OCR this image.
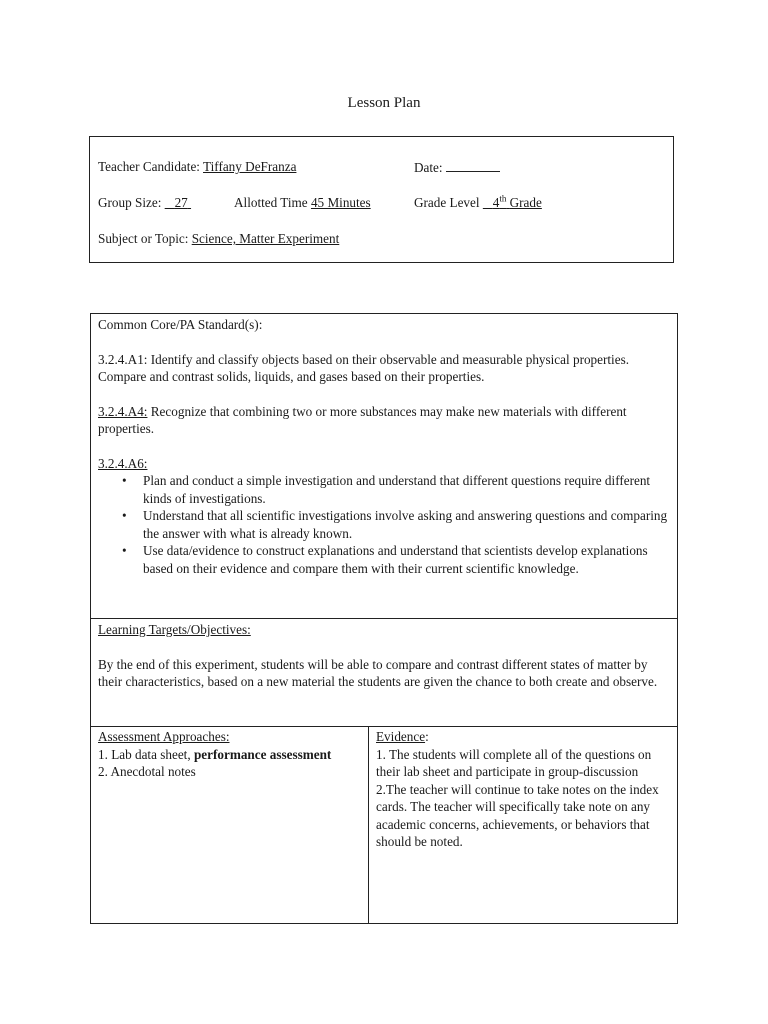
Lesson Plan
Teacher Candidate: Tiffany DeFranza	Date:
Group Size: 27	Allotted Time 45 Minutes	Grade Level 4th Grade
Subject or Topic: Science, Matter Experiment

Common Core/PA Standard(s):

3.2.4.A1: Identify and classify objects based on their observable and measurable physical properties. Compare and contrast solids, liquids, and gases based on their properties.

3.2.4.A4: Recognize that combining two or more substances may make new materials with different properties.

3.2.4.A6:

• Plan and conduct a simple investigation and understand that different questions require different kinds of investigations.
• Understand that all scientific investigations involve asking and answering questions and comparing the answer with what is already known.
• Use data/evidence to construct explanations and understand that scientists develop explanations based on their evidence and compare them with their current scientific knowledge.

Learning Targets/Objectives:

By the end of this experiment, students will be able to compare and contrast different states of matter by their characteristics, based on a new material the students are given the chance to both create and observe.

Assessment Approaches:

1. Lab data sheet, performance assessment

2. Anecdotal notes

Evidence:

1. The students will complete all of the questions on their lab sheet and participate in group-discussion

2.The teacher will continue to take notes on the index cards. The teacher will specifically take note on any academic concerns, achievements, or behaviors that should be noted.
